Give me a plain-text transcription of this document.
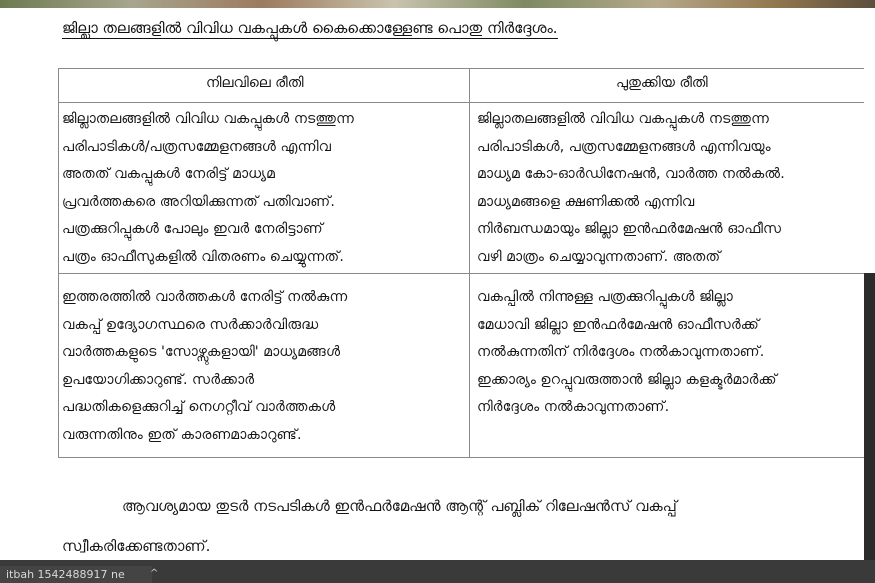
ജില്ലാ തലങ്ങളിൽ വിവിധ വകപ്പുകൾ കൈക്കൊള്ളേണ്ട പൊതു നിർദ്ദേശം.
നിലവിലെ രീതി	പുതുക്കിയ രീതി
ജില്ലാതലങ്ങളിൽ വിവിധ വകപ്പുകൾ നടത്തുന്ന
പരിപാടികൾ/പത്രസമ്മേളനങ്ങൾ എന്നിവ
അതത് വകപ്പുകൾ നേരിട്ട് മാധ്യമ
പ്രവർത്തകരെ അറിയിക്കുന്നത് പതിവാണ്.
പത്രക്കുറിപ്പുകൾ പോലും ഇവർ നേരിട്ടാണ്
പത്രം ഓഫീസുകളിൽ വിതരണം ചെയ്യുന്നത്.
ജില്ലാതലങ്ങളിൽ വിവിധ വകപ്പുകൾ നടത്തുന്ന
പരിപാടികൾ, പത്രസമ്മേളനങ്ങൾ എന്നിവയും
മാധ്യമ കോ-ഓർഡിനേഷൻ, വാർത്ത നൽകൽ.
മാധ്യമങ്ങളെ ക്ഷണിക്കൽ എന്നിവ
നിർബന്ധമായും ജില്ലാ ഇൻഫർമേഷൻ ഓഫീസ
വഴി മാത്രം ചെയ്യാവുന്നതാണ്. അതത്
ഇത്തരത്തിൽ വാർത്തകൾ നേരിട്ട് നൽകുന്ന
വകപ്പ് ഉദ്യോഗസ്ഥരെ സർക്കാർവിരുദ്ധ
വാർത്തകളുടെ 'സോഴ്സുകളായി' മാധ്യമങ്ങൾ
ഉപയോഗിക്കാറുണ്ട്. സർക്കാർ
പദ്ധതികളെക്കുറിച്ച് നെഗറ്റീവ് വാർത്തകൾ
വരുന്നതിനും ഇത് കാരണമാകാറുണ്ട്.
വകപ്പിൽ നിന്നുള്ള പത്രക്കുറിപ്പുകൾ ജില്ലാ
മേധാവി ജില്ലാ ഇൻഫർമേഷൻ ഓഫീസർക്ക്
നൽകുന്നതിന് നിർദ്ദേശം നൽകാവുന്നതാണ്.
ഇക്കാര്യം ഉറപ്പുവരുത്താൻ ജില്ലാ കളക്ടർമാർക്ക്
നിർദ്ദേശം നൽകാവുന്നതാണ്.
ആവശ്യമായ തുടർ നടപടികൾ ഇൻഫർമേഷൻ ആന്റ് പബ്ലിക് റിലേഷൻസ് വകപ്പ്
സ്വീകരിക്കേണ്ടതാണ്.
itbah 1542488917 ne	^
